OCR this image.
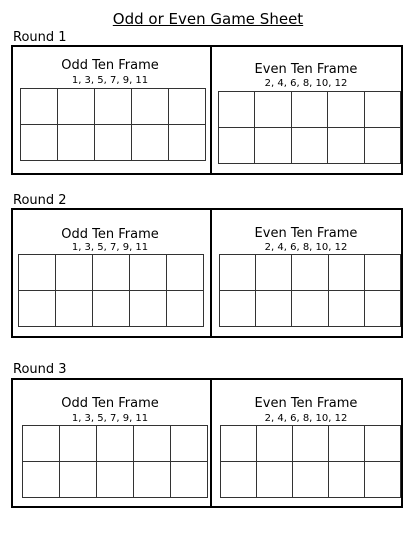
Odd or Even Game Sheet
Round 1
Odd Ten Frame
1, 3, 5, 7, 9, 11

Even Ten Frame
2, 4, 6, 8, 10, 12

Round 2
Odd Ten Frame
1, 3, 5, 7, 9, 11

Even Ten Frame
2, 4, 6, 8, 10, 12

Round 3
Odd Ten Frame
1, 3, 5, 7, 9, 11

Even Ten Frame
2, 4, 6, 8, 10, 12
